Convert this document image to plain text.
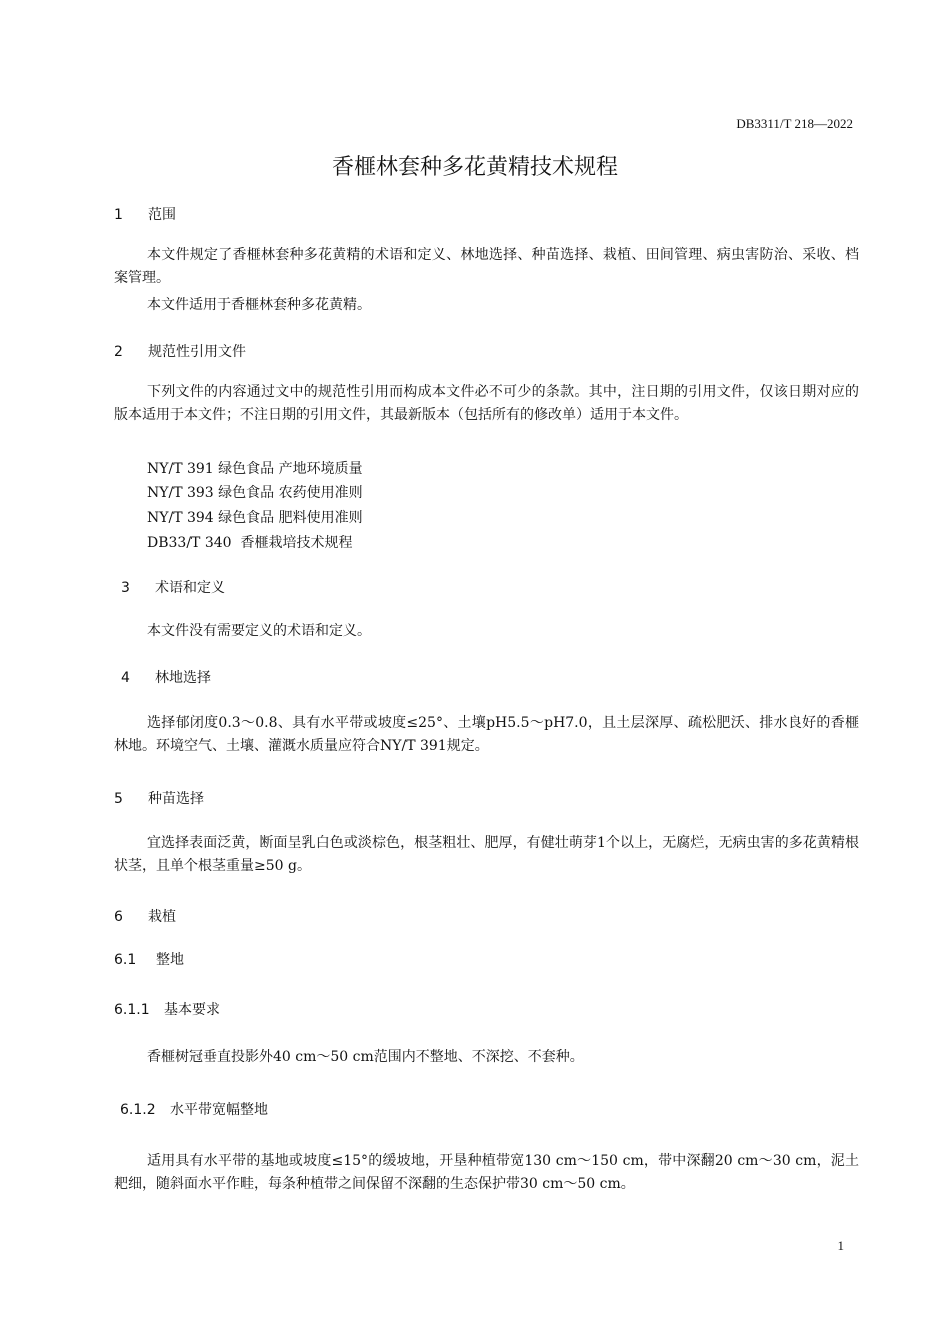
DB3311/T 218—2022
香榧林套种多花黄精技术规程
1 范围
本文件规定了香榧林套种多花黄精的术语和定义、林地选择、种苗选择、栽植、田间管理、病虫害防治、采收、档案管理。
本文件适用于香榧林套种多花黄精。
2 规范性引用文件
下列文件的内容通过文中的规范性引用而构成本文件必不可少的条款。其中，注日期的引用文件，仅该日期对应的版本适用于本文件；不注日期的引用文件，其最新版本（包括所有的修改单）适用于本文件。
NY/T 391 绿色食品 产地环境质量
NY/T 393 绿色食品 农药使用准则
NY/T 394 绿色食品 肥料使用准则
DB33/T 340  香榧栽培技术规程
3 术语和定义
本文件没有需要定义的术语和定义。
4 林地选择
选择郁闭度0.3～0.8、具有水平带或坡度≤25°、土壤pH5.5～pH7.0，且土层深厚、疏松肥沃、排水良好的香榧林地。环境空气、土壤、灌溉水质量应符合NY/T 391规定。
5 种苗选择
宜选择表面泛黄，断面呈乳白色或淡棕色，根茎粗壮、肥厚，有健壮萌芽1个以上，无腐烂，无病虫害的多花黄精根状茎，且单个根茎重量≥50 g。
6 栽植
6.1 整地
6.1.1 基本要求
香榧树冠垂直投影外40 cm～50 cm范围内不整地、不深挖、不套种。
6.1.2 水平带宽幅整地
适用具有水平带的基地或坡度≤15°的缓坡地，开垦种植带宽130 cm～150 cm，带中深翻20 cm～30 cm，泥土耙细，随斜面水平作畦，每条种植带之间保留不深翻的生态保护带30 cm～50 cm。
1
